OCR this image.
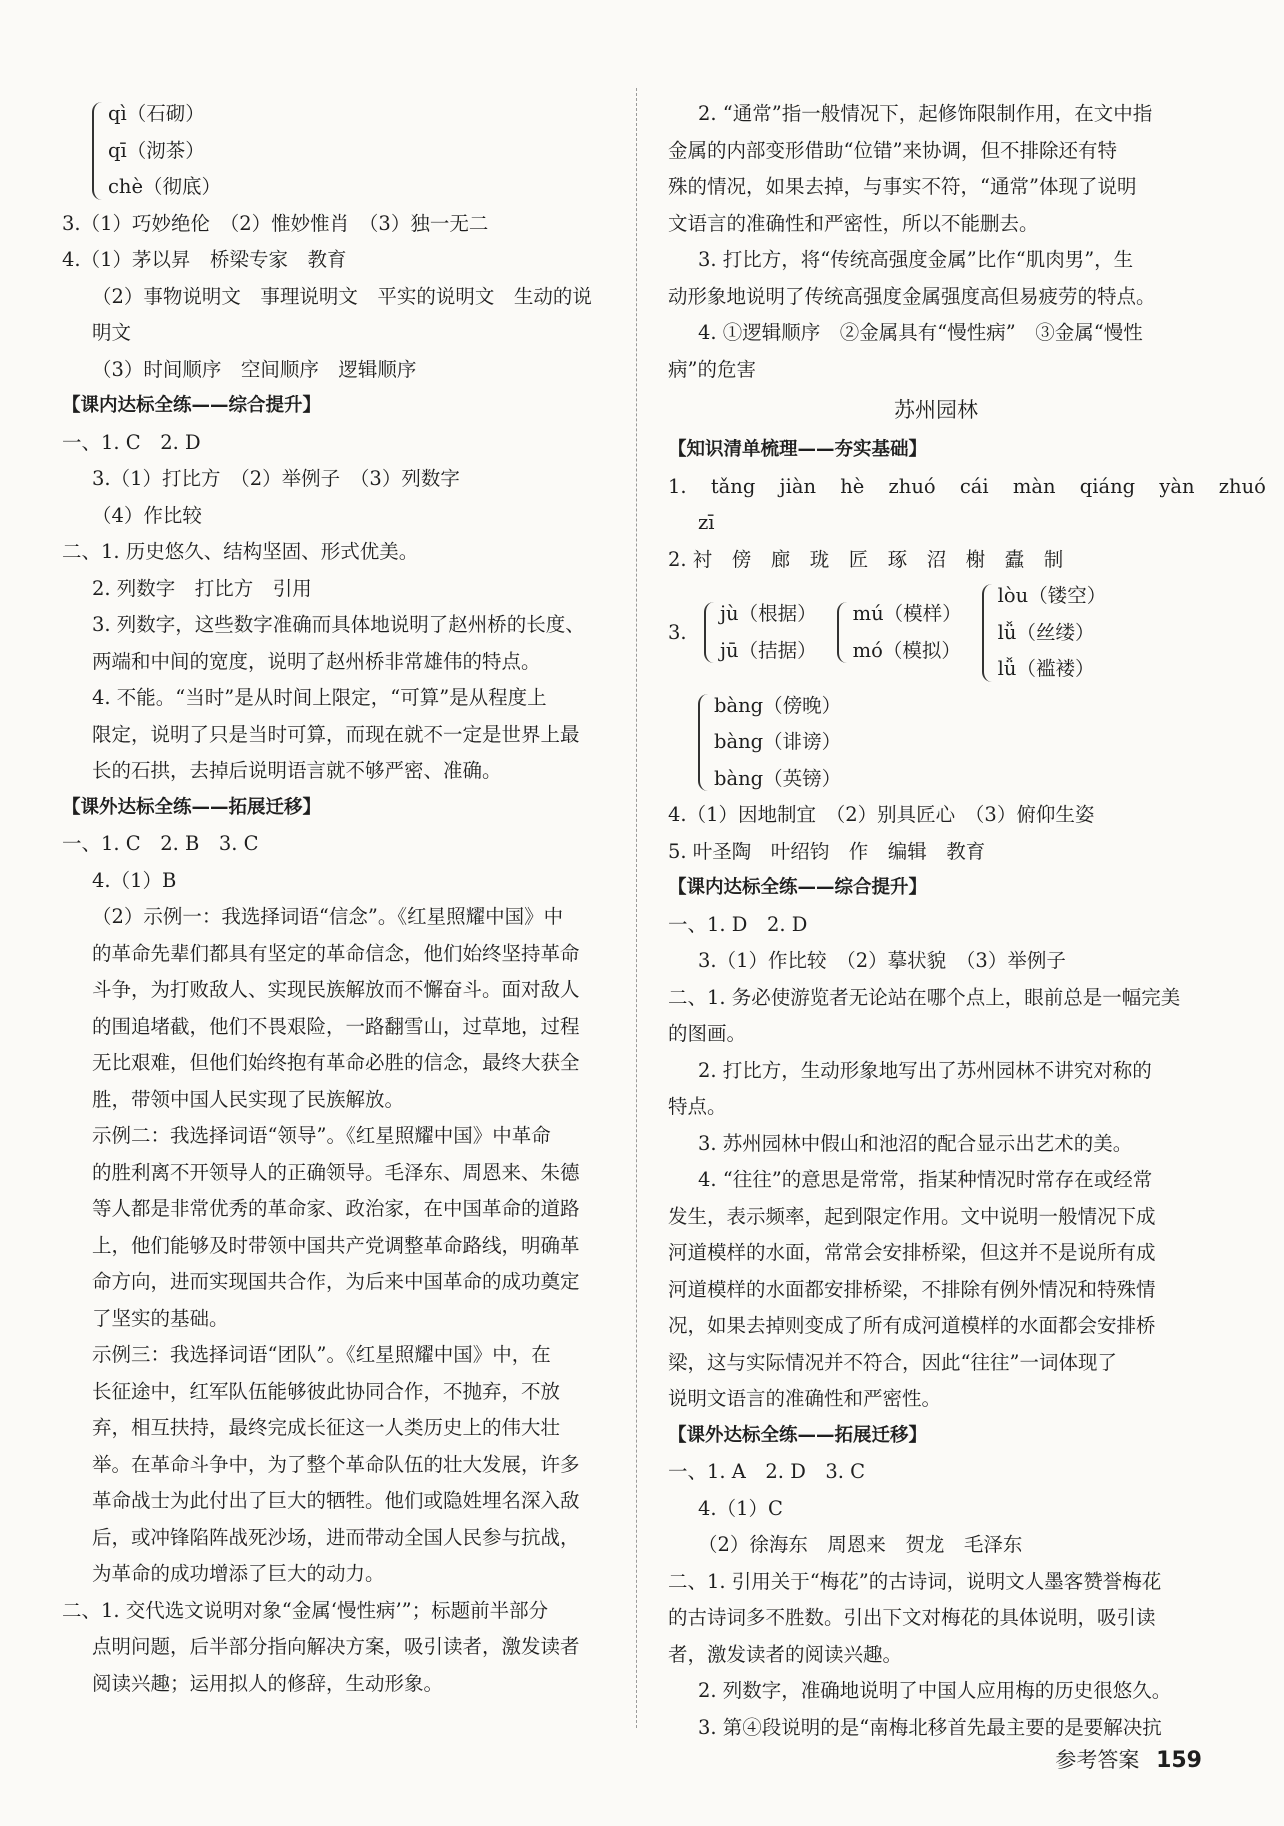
qì（石砌）
qī（沏茶）
chè（彻底）
3.（1）巧妙绝伦　（2）惟妙惟肖　（3）独一无二
4.（1）茅以昇　桥梁专家　教育
（2）事物说明文　事理说明文　平实的说明文　生动的说
明文
（3）时间顺序　空间顺序　逻辑顺序
【课内达标全练——综合提升】
一、1. C　2. D
3.（1）打比方　（2）举例子　（3）列数字
（4）作比较
二、1. 历史悠久、结构坚固、形式优美。
2. 列数字　打比方　引用
3. 列数字，这些数字准确而具体地说明了赵州桥的长度、
两端和中间的宽度，说明了赵州桥非常雄伟的特点。
4. 不能。“当时”是从时间上限定，“可算”是从程度上
限定，说明了只是当时可算，而现在就不一定是世界上最
长的石拱，去掉后说明语言就不够严密、准确。
【课外达标全练——拓展迁移】
一、1. C　2. B　3. C
4.（1）B
（2）示例一：我选择词语“信念”。《红星照耀中国》中
的革命先辈们都具有坚定的革命信念，他们始终坚持革命
斗争，为打败敌人、实现民族解放而不懈奋斗。面对敌人
的围追堵截，他们不畏艰险，一路翻雪山，过草地，过程
无比艰难，但他们始终抱有革命必胜的信念，最终大获全
胜，带领中国人民实现了民族解放。
示例二：我选择词语“领导”。《红星照耀中国》中革命
的胜利离不开领导人的正确领导。毛泽东、周恩来、朱德
等人都是非常优秀的革命家、政治家，在中国革命的道路
上，他们能够及时带领中国共产党调整革命路线，明确革
命方向，进而实现国共合作，为后来中国革命的成功奠定
了坚实的基础。
示例三：我选择词语“团队”。《红星照耀中国》中，在
长征途中，红军队伍能够彼此协同合作，不抛弃，不放
弃，相互扶持，最终完成长征这一人类历史上的伟大壮
举。在革命斗争中，为了整个革命队伍的壮大发展，许多
革命战士为此付出了巨大的牺牲。他们或隐姓埋名深入敌
后，或冲锋陷阵战死沙场，进而带动全国人民参与抗战，
为革命的成功增添了巨大的动力。
二、1. 交代选文说明对象“金属‘慢性病’”；标题前半部分
点明问题，后半部分指向解决方案，吸引读者，激发读者
阅读兴趣；运用拟人的修辞，生动形象。
2. “通常”指一般情况下，起修饰限制作用，在文中指
金属的内部变形借助“位错”来协调，但不排除还有特
殊的情况，如果去掉，与事实不符，“通常”体现了说明
文语言的准确性和严密性，所以不能删去。
3. 打比方，将“传统高强度金属”比作“肌肉男”，生
动形象地说明了传统高强度金属强度高但易疲劳的特点。
4. ①逻辑顺序　②金属具有“慢性病”　③金属“慢性
病”的危害
苏州园林
【知识清单梳理——夯实基础】
1. tǎng jiàn hè zhuó cái màn qiáng yàn zhuó
zī
2. 衬　傍　廊　珑　匠　琢　沼　榭　蠹　制
3.
jù（根据）
jū（拮据）
mú（模样）
mó（模拟）
lòu（镂空）
lǚ（丝缕）
lǚ（褴褛）
bàng（傍晚）
bàng（诽谤）
bàng（英镑）
4.（1）因地制宜　（2）别具匠心　（3）俯仰生姿
5. 叶圣陶　叶绍钧　作　编辑　教育
【课内达标全练——综合提升】
一、1. D　2. D
3.（1）作比较　（2）摹状貌　（3）举例子
二、1. 务必使游览者无论站在哪个点上，眼前总是一幅完美
的图画。
2. 打比方，生动形象地写出了苏州园林不讲究对称的
特点。
3. 苏州园林中假山和池沼的配合显示出艺术的美。
4. “往往”的意思是常常，指某种情况时常存在或经常
发生，表示频率，起到限定作用。文中说明一般情况下成
河道模样的水面，常常会安排桥梁，但这并不是说所有成
河道模样的水面都安排桥梁，不排除有例外情况和特殊情
况，如果去掉则变成了所有成河道模样的水面都会安排桥
梁，这与实际情况并不符合，因此“往往”一词体现了
说明文语言的准确性和严密性。
【课外达标全练——拓展迁移】
一、1. A　2. D　3. C
4.（1）C
（2）徐海东　周恩来　贺龙　毛泽东
二、1. 引用关于“梅花”的古诗词，说明文人墨客赞誉梅花
的古诗词多不胜数。引出下文对梅花的具体说明，吸引读
者，激发读者的阅读兴趣。
2. 列数字，准确地说明了中国人应用梅的历史很悠久。
3. 第④段说明的是“南梅北移首先最主要的是要解决抗
参考答案 159
